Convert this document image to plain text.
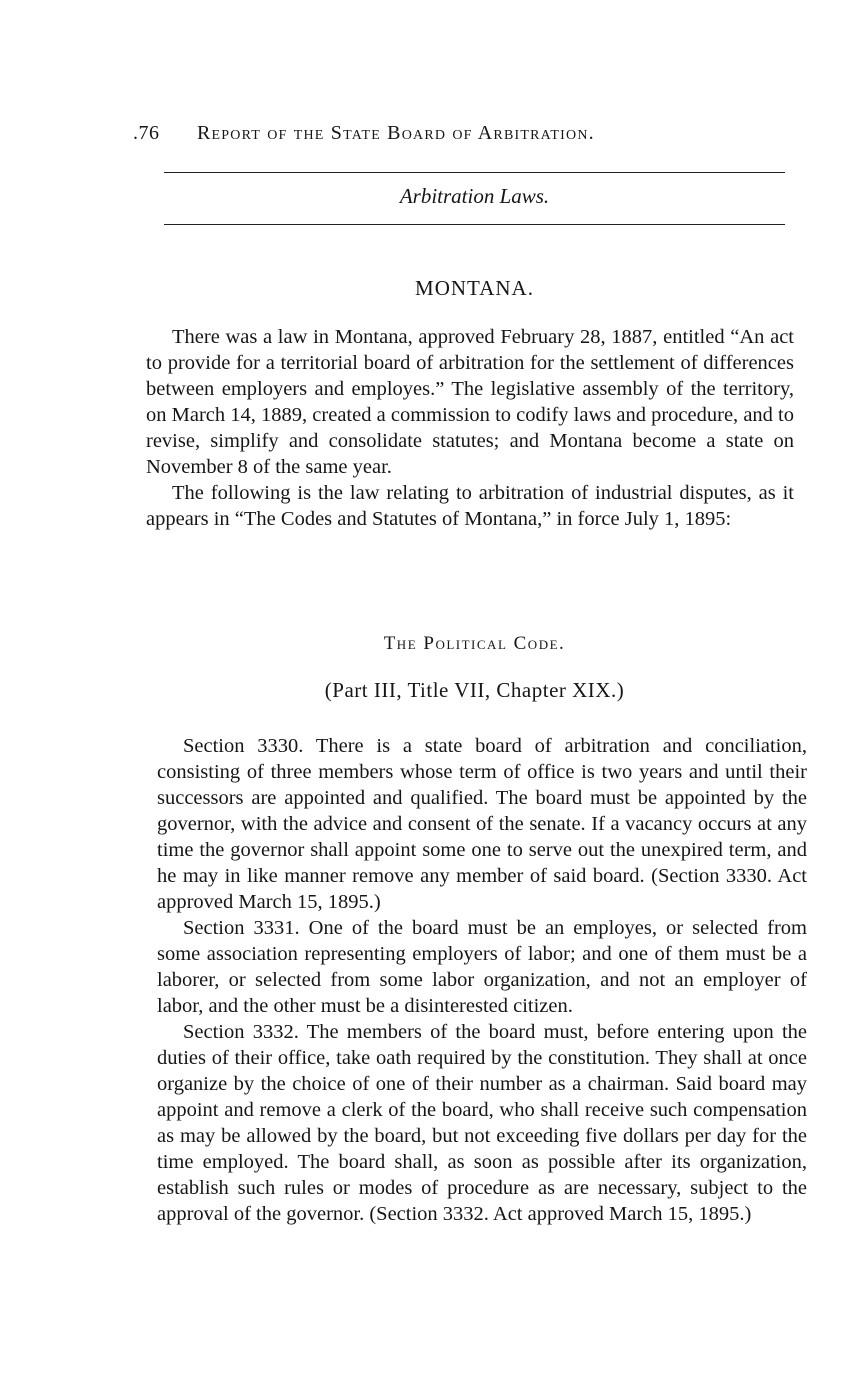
.76 Report of the State Board of Arbitration.
Arbitration Laws.
MONTANA.

There was a law in Montana, approved February 28, 1887, entitled “An act to provide for a territorial board of arbitration for the settlement of differences between employers and employes.” The legislative assembly of the territory, on March 14, 1889, created a commission to codify laws and procedure, and to revise, simplify and consolidate statutes; and Montana become a state on November 8 of the same year.

The following is the law relating to arbitration of industrial disputes, as it appears in “The Codes and Statutes of Montana,” in force July 1, 1895:

The Political Code.
(Part III, Title VII, Chapter XIX.)

Section 3330. There is a state board of arbitration and conciliation, consisting of three members whose term of office is two years and until their successors are appointed and qualified. The board must be appointed by the governor, with the advice and consent of the senate. If a vacancy occurs at any time the governor shall appoint some one to serve out the unexpired term, and he may in like manner remove any member of said board. (Section 3330. Act approved March 15, 1895.)

Section 3331. One of the board must be an employes, or selected from some association representing employers of labor; and one of them must be a laborer, or selected from some labor organization, and not an employer of labor, and the other must be a disinterested citizen.

Section 3332. The members of the board must, before entering upon the duties of their office, take oath required by the constitution. They shall at once organize by the choice of one of their number as a chairman. Said board may appoint and remove a clerk of the board, who shall receive such compensation as may be allowed by the board, but not exceeding five dollars per day for the time employed. The board shall, as soon as possible after its organization, establish such rules or modes of procedure as are necessary, subject to the approval of the governor. (Section 3332. Act approved March 15, 1895.)
